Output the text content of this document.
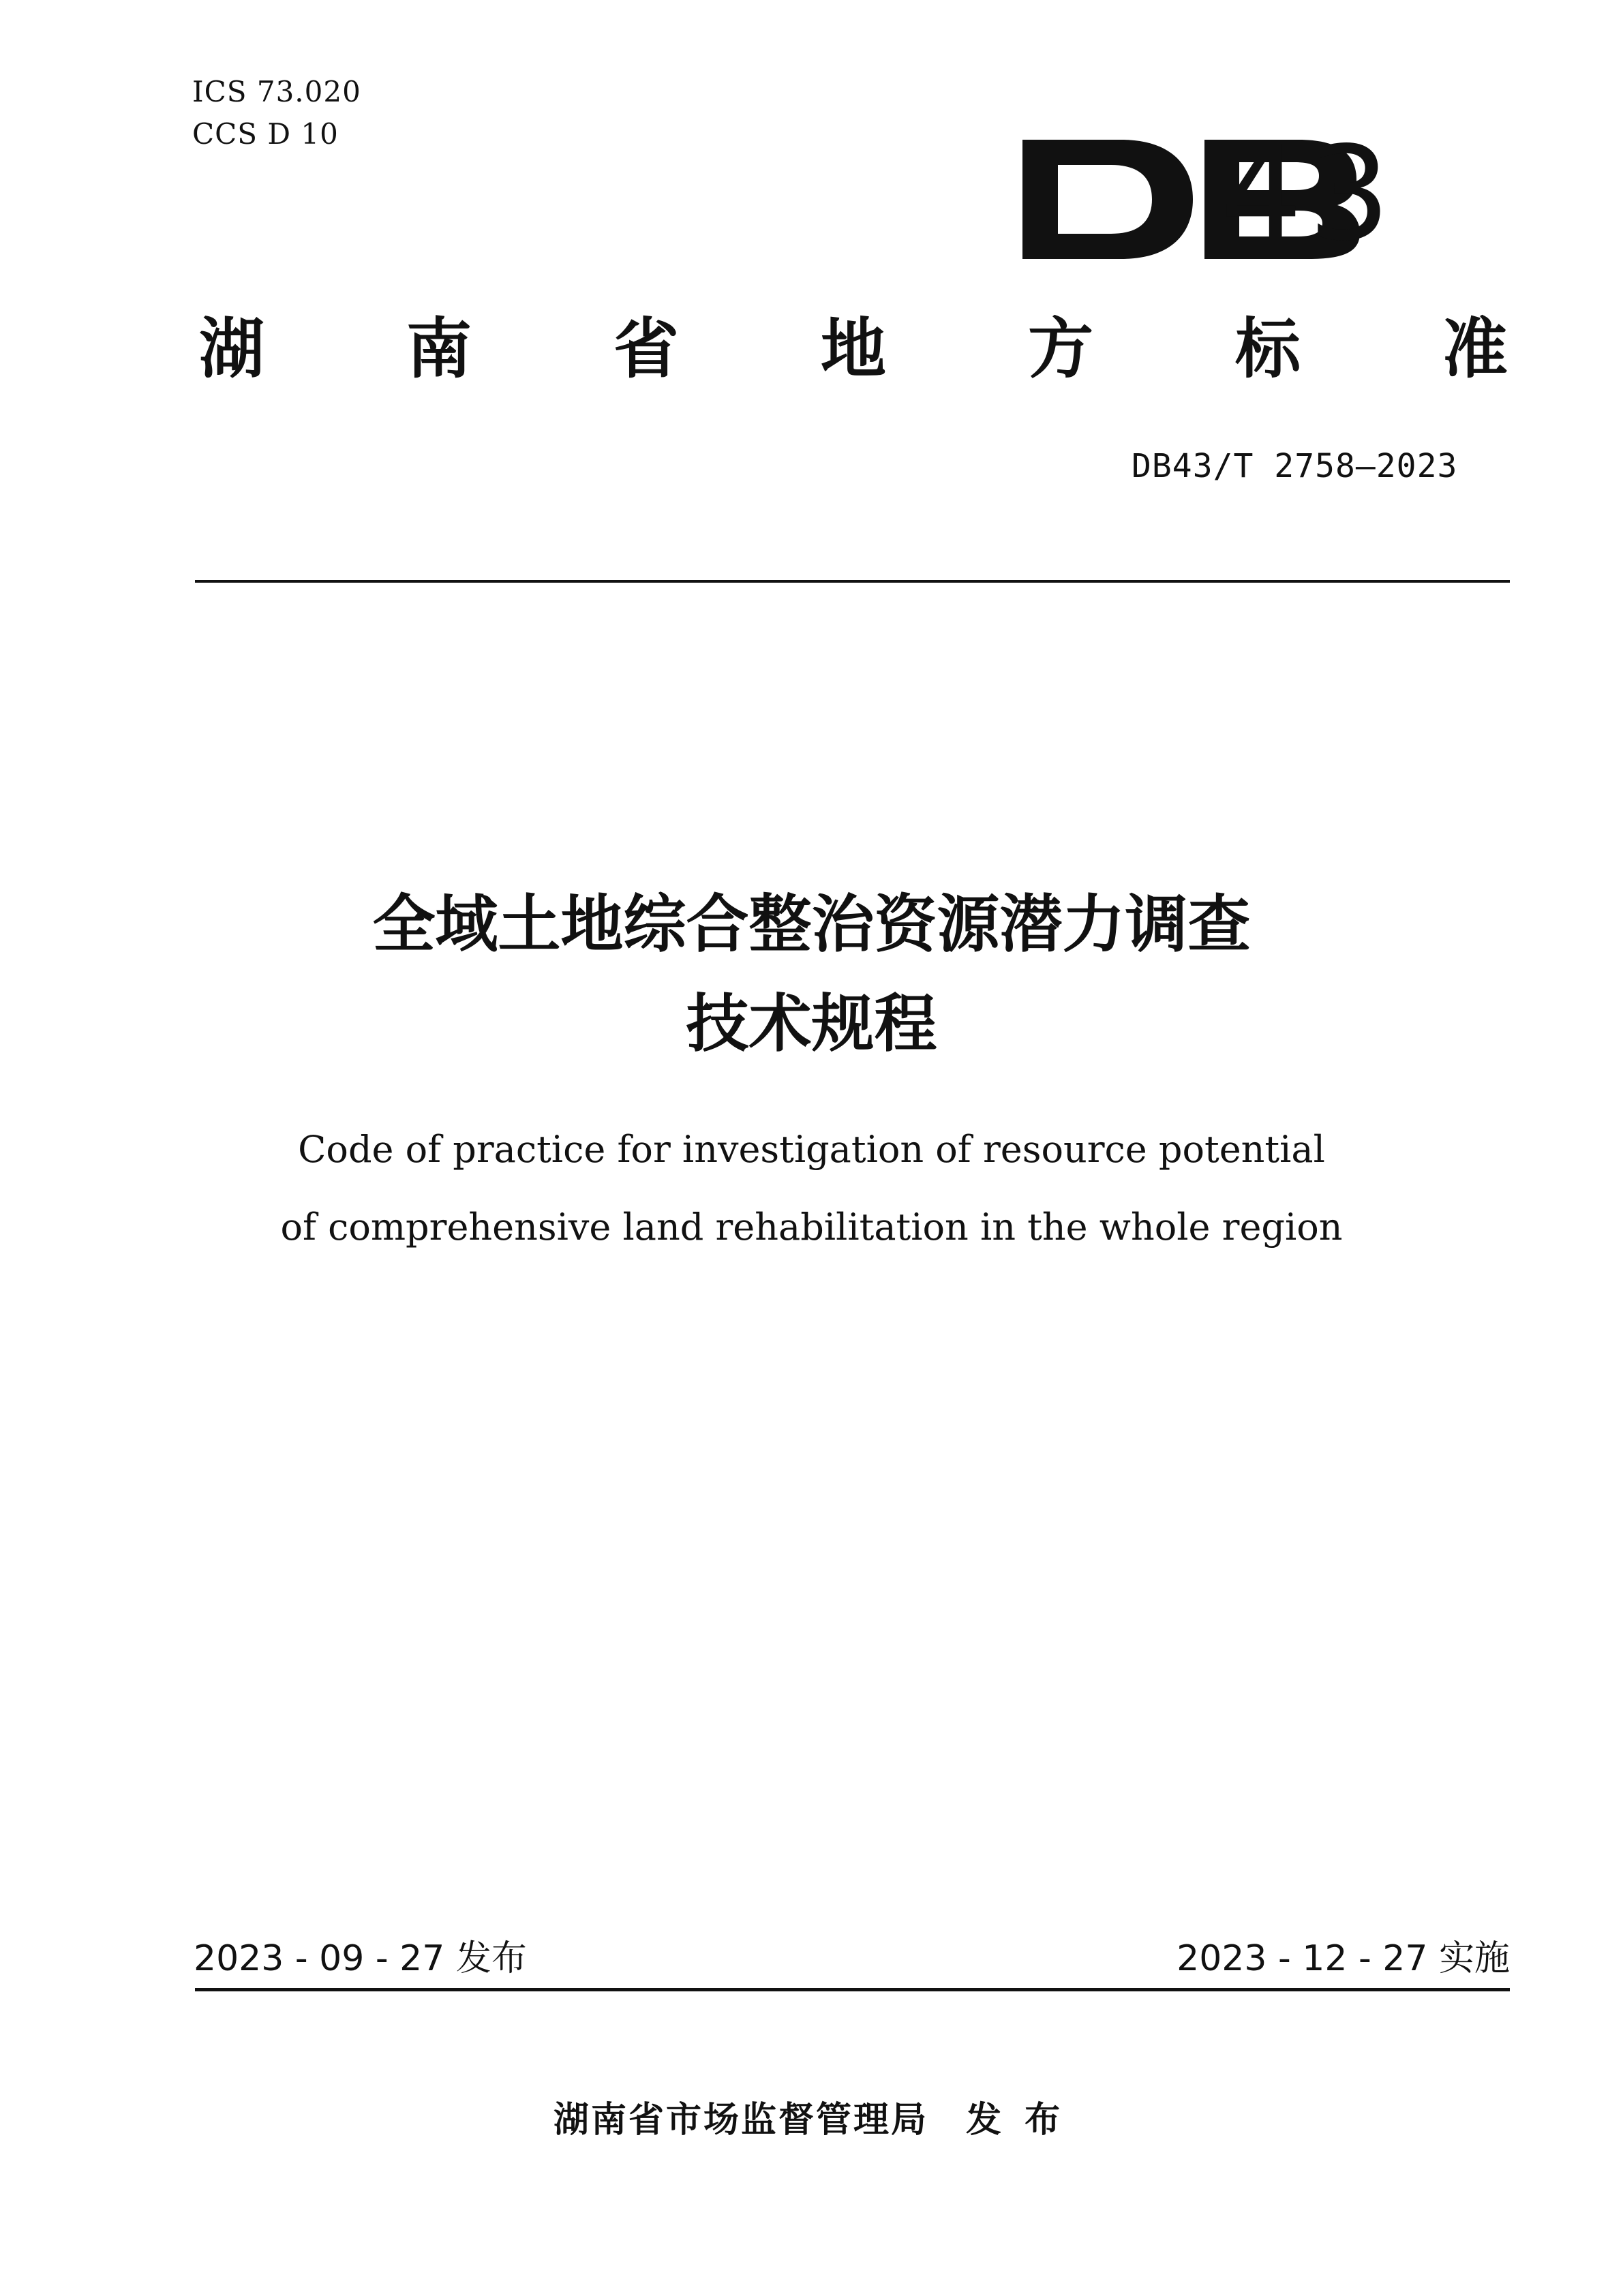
ICS 73.020
CCS D 10	43
湖南省地方标准
DB43/T 2758—2023
全域土地综合整治资源潜力调查
技术规程
Code of practice for investigation of resource potential
of comprehensive land rehabilitation in the whole region
2023 - 09 - 27 发布	2023 - 12 - 27 实施
湖南省市场监督管理局　发 布
